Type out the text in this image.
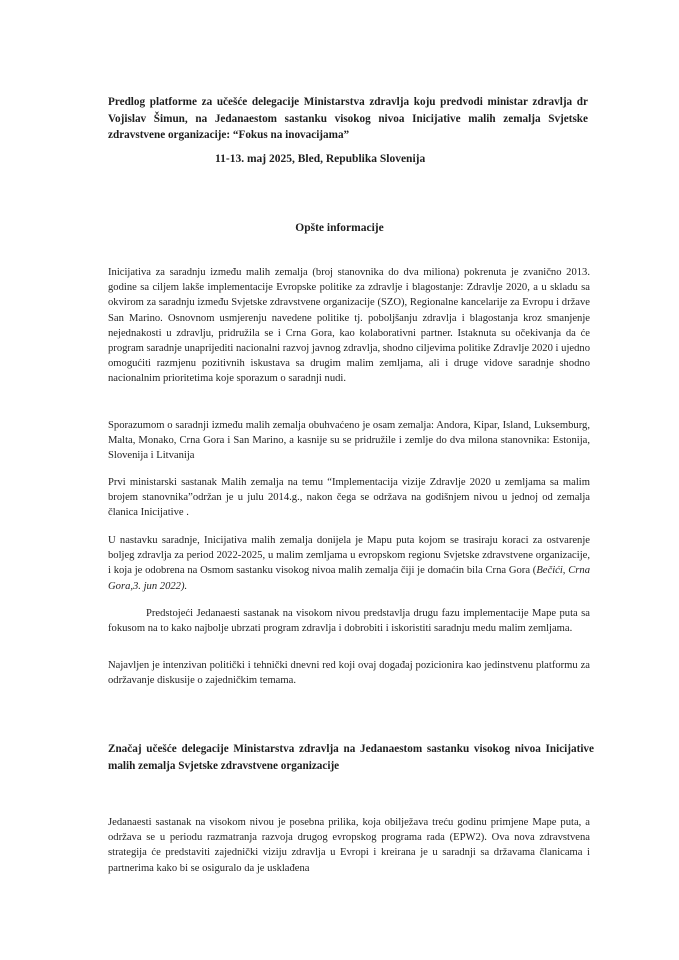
Predlog platforme za učešće delegacije Ministarstva zdravlja koju predvodi ministar zdravlja dr Vojislav Šimun, na Jedanaestom sastanku visokog nivoa Inicijative malih zemalja Svjetske zdravstvene organizacije: “Fokus na inovacijama”
11-13. maj 2025, Bled, Republika Slovenija
Opšte informacije

Inicijativa za saradnju između malih zemalja (broj stanovnika do dva miliona) pokrenuta je zvanično 2013. godine sa ciljem lakše implementacije Evropske politike za zdravlje i blagostanje: Zdravlje 2020, a u skladu sa okvirom za saradnju između Svjetske zdravstvene organizacije (SZO), Regionalne kancelarije za Evropu i države San Marino. Osnovnom usmjerenju navedene politike tj. poboljšanju zdravlja i blagostanja kroz smanjenje nejednakosti u zdravlju, pridružila se i Crna Gora, kao kolaborativni partner. Istaknuta su očekivanja da će program saradnje unaprijediti nacionalni razvoj javnog zdravlja, shodno ciljevima politike Zdravlje 2020 i ujedno omogućiti razmjenu pozitivnih iskustava sa drugim malim zemljama, ali i druge vidove saradnje shodno nacionalnim prioritetima koje sporazum o saradnji nudi.

Sporazumom o saradnji između malih zemalja obuhvaćeno je osam zemalja: Andora, Kipar, Island, Luksemburg, Malta, Monako, Crna Gora i San Marino, a kasnije su se pridružile i zemlje do dva milona stanovnika: Estonija, Slovenija i Litvanija

Prvi ministarski sastanak Malih zemalja na temu “Implementacija vizije Zdravlje 2020 u zemljama sa malim brojem stanovnika”održan je u julu 2014.g., nakon čega se održava na godišnjem nivou u jednoj od zemalja članica Inicijative .

U nastavku saradnje, Inicijativa malih zemalja donijela je Mapu puta kojom se trasiraju koraci za ostvarenje boljeg zdravlja za period 2022-2025, u malim zemljama u evropskom regionu Svjetske zdravstvene organizacije, i koja je odobrena na Osmom sastanku visokog nivoa malih zemalja čiji je domaćin bila Crna Gora (Bečići, Crna Gora,3. jun 2022).

Predstojeći Jedanaesti sastanak na visokom nivou predstavlja drugu fazu implementacije Mape puta sa fokusom na to kako najbolje ubrzati program zdravlja i dobrobiti i iskoristiti saradnju medu malim zemljama.

Najavljen je intenzivan politički i tehnički dnevni red koji ovaj događaj pozicionira kao jedinstvenu platformu za održavanje diskusije o zajedničkim temama.

Značaj učešće delegacije Ministarstva zdravlja na Jedanaestom sastanku visokog nivoa Inicijative malih zemalja Svjetske zdravstvene organizacije

Jedanaesti sastanak na visokom nivou je posebna prilika, koja obilježava treću godinu primjene Mape puta, a održava se u periodu razmatranja razvoja drugog evropskog programa rada (EPW2). Ova nova zdravstvena strategija će predstaviti zajednički viziju zdravlja u Evropi i kreirana je u saradnji sa državama članicama i partnerima kako bi se osiguralo da je usklađena
